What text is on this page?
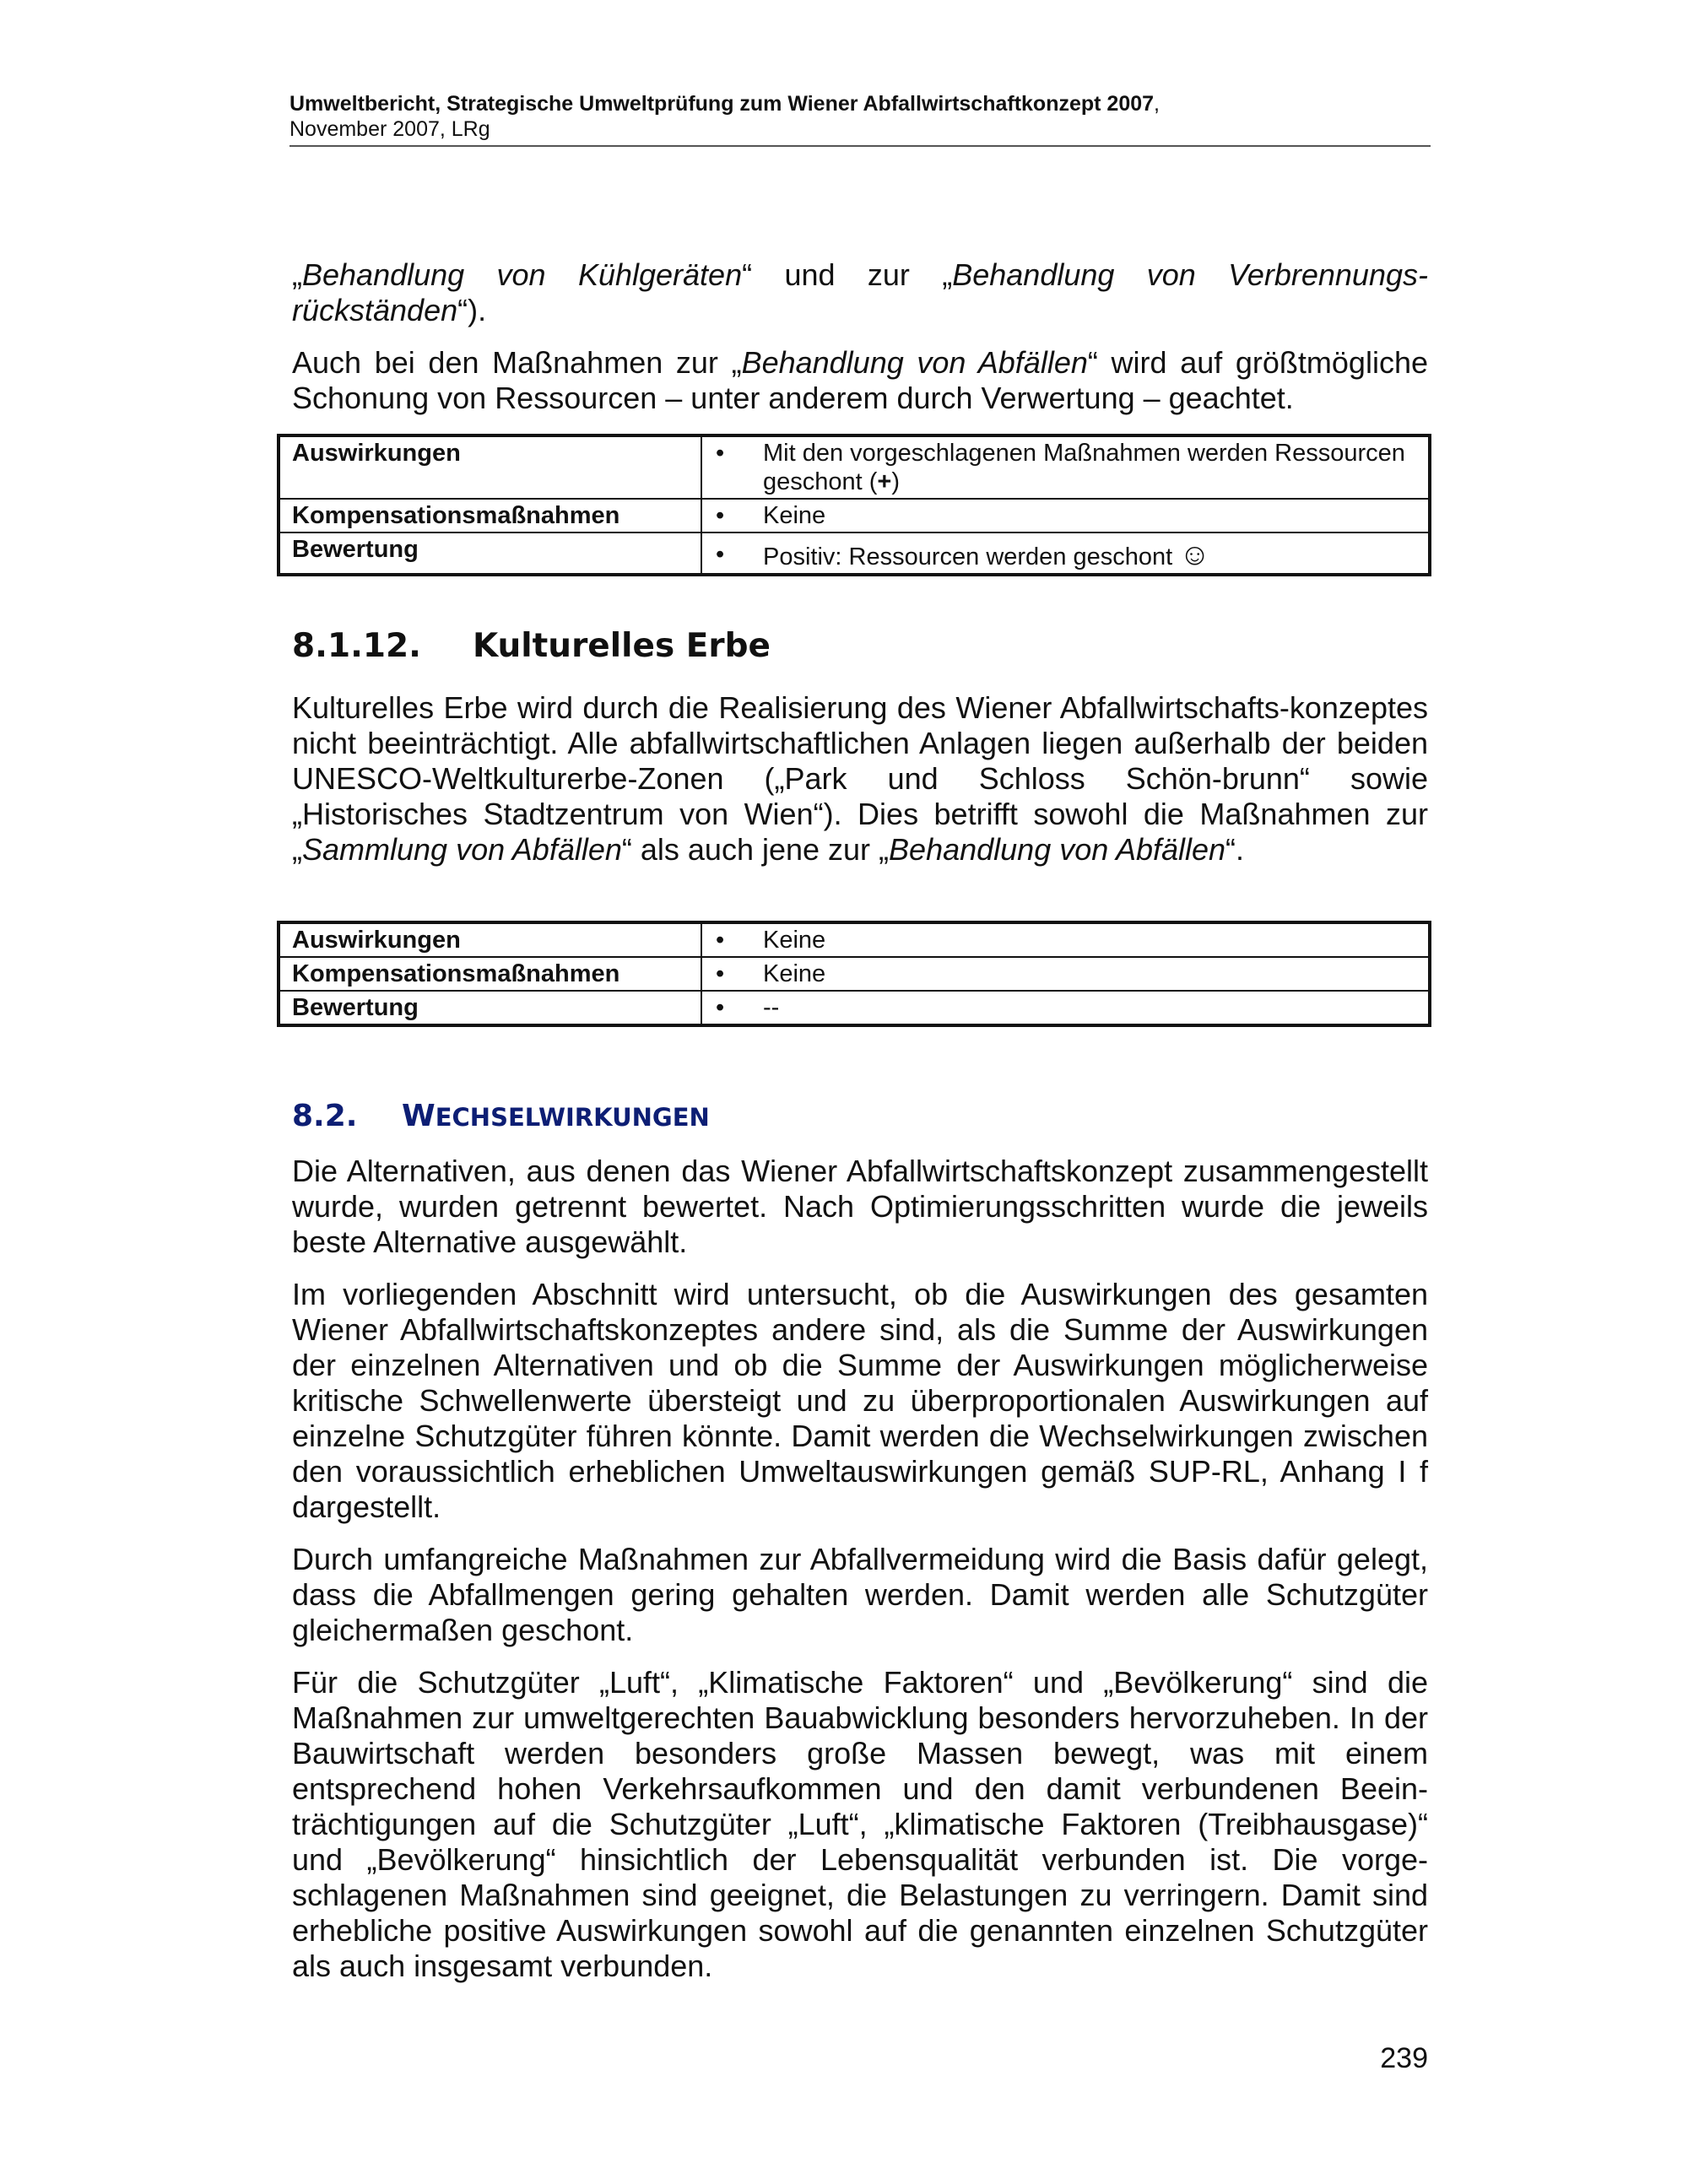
Umweltbericht, Strategische Umweltprüfung zum Wiener Abfallwirtschaftkonzept 2007,
November 2007, LRg
„Behandlung von Kühlgeräten“ und zur „Behandlung von Verbrennungs-rückständen“).
Auch bei den Maßnahmen zur „Behandlung von Abfällen“ wird auf größtmögliche Schonung von Ressourcen – unter anderem durch Verwertung – geachtet.
Auswirkungen	• Mit den vorgeschlagenen Maßnahmen werden Ressourcen geschont (+)

Kompensationsmaßnahmen	• Keine

Bewertung	• Positiv: Ressourcen werden geschont ☺
8.1.12. Kulturelles Erbe
Kulturelles Erbe wird durch die Realisierung des Wiener Abfallwirtschafts-konzeptes nicht beeinträchtigt. Alle abfallwirtschaftlichen Anlagen liegen außerhalb der beiden UNESCO-Weltkulturerbe-Zonen („Park und Schloss Schön-brunn“ sowie „Historisches Stadtzentrum von Wien“). Dies betrifft sowohl die Maßnahmen zur „Sammlung von Abfällen“ als auch jene zur „Behandlung von Abfällen“.
Auswirkungen	• Keine

Kompensationsmaßnahmen	• Keine

Bewertung	• --
8.2. WECHSELWIRKUNGEN
Die Alternativen, aus denen das Wiener Abfallwirtschaftskonzept zusammengestellt wurde, wurden getrennt bewertet. Nach Optimierungsschritten wurde die jeweils beste Alternative ausgewählt.
Im vorliegenden Abschnitt wird untersucht, ob die Auswirkungen des gesamten Wiener Abfallwirtschaftskonzeptes andere sind, als die Summe der Auswirkungen der einzelnen Alternativen und ob die Summe der Auswirkungen möglicherweise kritische Schwellenwerte übersteigt und zu überproportionalen Auswirkungen auf einzelne Schutzgüter führen könnte. Damit werden die Wechselwirkungen zwischen den voraussichtlich erheblichen Umweltauswirkungen gemäß SUP-RL, Anhang I f dargestellt.
Durch umfangreiche Maßnahmen zur Abfallvermeidung wird die Basis dafür gelegt, dass die Abfallmengen gering gehalten werden. Damit werden alle Schutzgüter gleichermaßen geschont.
Für die Schutzgüter „Luft“, „Klimatische Faktoren“ und „Bevölkerung“ sind die Maßnahmen zur umweltgerechten Bauabwicklung besonders hervorzuheben. In der Bauwirtschaft werden besonders große Massen bewegt, was mit einem entsprechend hohen Verkehrsaufkommen und den damit verbundenen Beein-trächtigungen auf die Schutzgüter „Luft“, „klimatische Faktoren (Treibhausgase)“ und „Bevölkerung“ hinsichtlich der Lebensqualität verbunden ist. Die vorge-schlagenen Maßnahmen sind geeignet, die Belastungen zu verringern. Damit sind erhebliche positive Auswirkungen sowohl auf die genannten einzelnen Schutzgüter als auch insgesamt verbunden.
239
